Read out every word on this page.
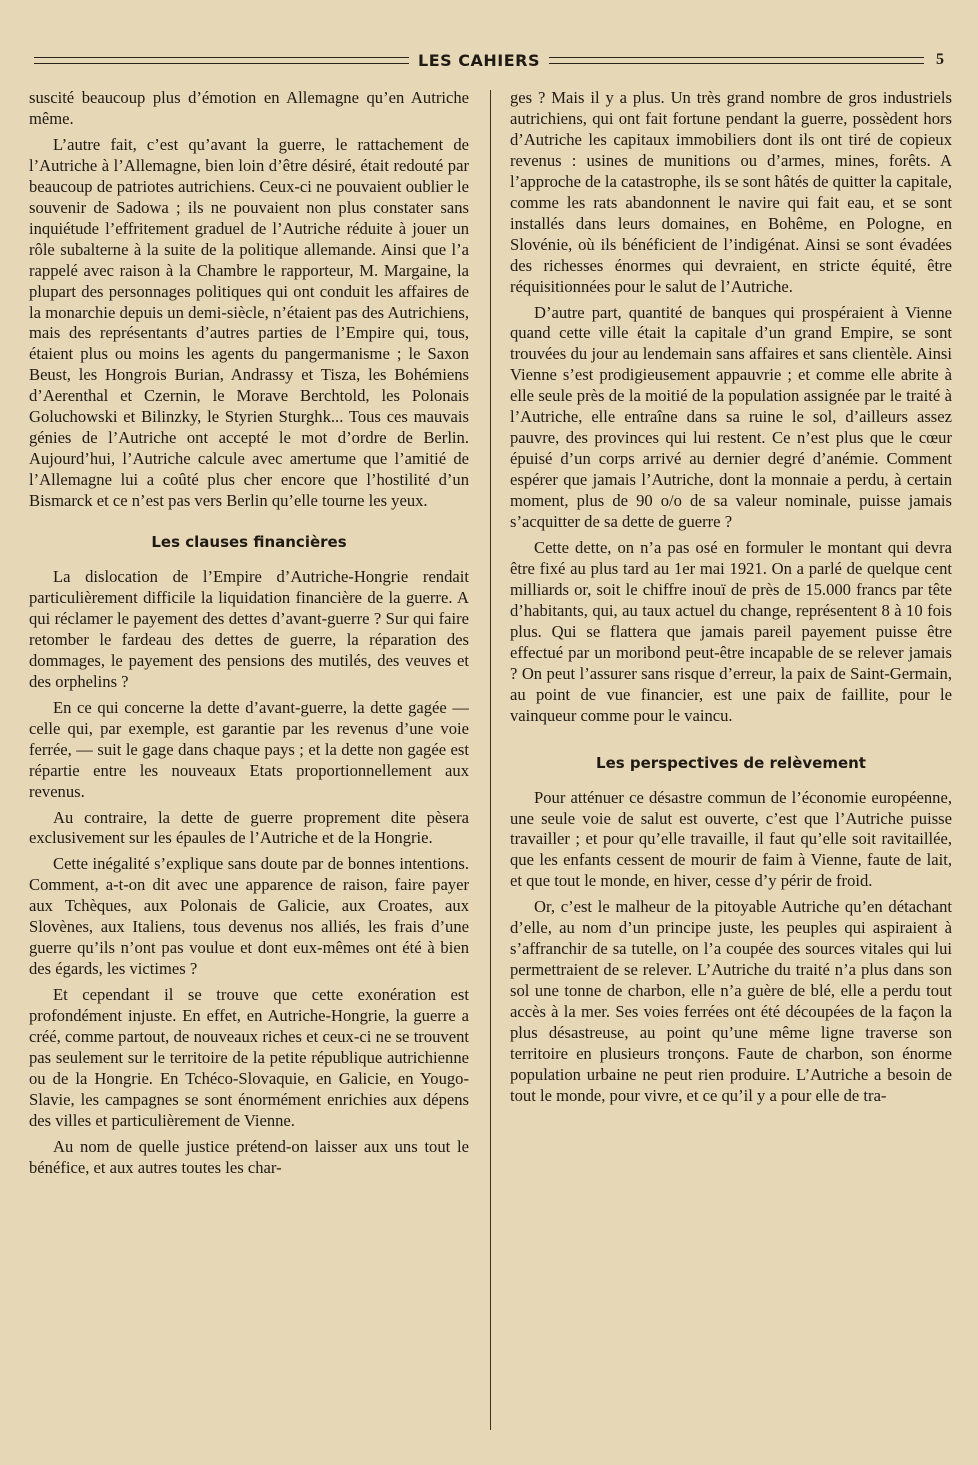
LES CAHIERS	5

suscité beaucoup plus d’émotion en Allemagne qu’en Autriche même.

L’autre fait, c’est qu’avant la guerre, le rattachement de l’Autriche à l’Allemagne, bien loin d’être désiré, était redouté par beaucoup de patriotes autrichiens. Ceux-ci ne pouvaient oublier le souvenir de Sadowa ; ils ne pouvaient non plus constater sans inquiétude l’effritement graduel de l’Autriche réduite à jouer un rôle subalterne à la suite de la politique allemande. Ainsi que l’a rappelé avec raison à la Chambre le rapporteur, M. Margaine, la plupart des personnages politiques qui ont conduit les affaires de la monarchie depuis un demi-siècle, n’étaient pas des Autrichiens, mais des représentants d’autres parties de l’Empire qui, tous, étaient plus ou moins les agents du pangermanisme ; le Saxon Beust, les Hongrois Burian, Andrassy et Tisza, les Bohémiens d’Aerenthal et Czernin, le Morave Berchtold, les Polonais Goluchowski et Bilinzky, le Styrien Sturghk... Tous ces mauvais génies de l’Autriche ont accepté le mot d’ordre de Berlin. Aujourd’hui, l’Autriche calcule avec amertume que l’amitié de l’Allemagne lui a coûté plus cher encore que l’hostilité d’un Bismarck et ce n’est pas vers Berlin qu’elle tourne les yeux.

Les clauses financières

La dislocation de l’Empire d’Autriche-Hongrie rendait particulièrement difficile la liquidation financière de la guerre. A qui réclamer le payement des dettes d’avant-guerre ? Sur qui faire retomber le fardeau des dettes de guerre, la réparation des dommages, le payement des pensions des mutilés, des veuves et des orphelins ?

En ce qui concerne la dette d’avant-guerre, la dette gagée — celle qui, par exemple, est garantie par les revenus d’une voie ferrée, — suit le gage dans chaque pays ; et la dette non gagée est répartie entre les nouveaux Etats proportionnellement aux revenus.

Au contraire, la dette de guerre proprement dite pèsera exclusivement sur les épaules de l’Autriche et de la Hongrie.

Cette inégalité s’explique sans doute par de bonnes intentions. Comment, a-t-on dit avec une apparence de raison, faire payer aux Tchèques, aux Polonais de Galicie, aux Croates, aux Slovènes, aux Italiens, tous devenus nos alliés, les frais d’une guerre qu’ils n’ont pas voulue et dont eux-mêmes ont été à bien des égards, les victimes ?

Et cependant il se trouve que cette exonération est profondément injuste. En effet, en Autriche-Hongrie, la guerre a créé, comme partout, de nouveaux riches et ceux-ci ne se trouvent pas seulement sur le territoire de la petite république autrichienne ou de la Hongrie. En Tchéco-Slovaquie, en Galicie, en Yougo-Slavie, les campagnes se sont énormément enrichies aux dépens des villes et particulièrement de Vienne.

Au nom de quelle justice prétend-on laisser aux uns tout le bénéfice, et aux autres toutes les char-

ges ? Mais il y a plus. Un très grand nombre de gros industriels autrichiens, qui ont fait fortune pendant la guerre, possèdent hors d’Autriche les capitaux immobiliers dont ils ont tiré de copieux revenus : usines de munitions ou d’armes, mines, forêts. A l’approche de la catastrophe, ils se sont hâtés de quitter la capitale, comme les rats abandonnent le navire qui fait eau, et se sont installés dans leurs domaines, en Bohême, en Pologne, en Slovénie, où ils bénéficient de l’indigénat. Ainsi se sont évadées des richesses énormes qui devraient, en stricte équité, être réquisitionnées pour le salut de l’Autriche.

D’autre part, quantité de banques qui prospéraient à Vienne quand cette ville était la capitale d’un grand Empire, se sont trouvées du jour au lendemain sans affaires et sans clientèle. Ainsi Vienne s’est prodigieusement appauvrie ; et comme elle abrite à elle seule près de la moitié de la population assignée par le traité à l’Autriche, elle entraîne dans sa ruine le sol, d’ailleurs assez pauvre, des provinces qui lui restent. Ce n’est plus que le cœur épuisé d’un corps arrivé au dernier degré d’anémie. Comment espérer que jamais l’Autriche, dont la monnaie a perdu, à certain moment, plus de 90 o/o de sa valeur nominale, puisse jamais s’acquitter de sa dette de guerre ?

Cette dette, on n’a pas osé en formuler le montant qui devra être fixé au plus tard au 1er mai 1921. On a parlé de quelque cent milliards or, soit le chiffre inouï de près de 15.000 francs par tête d’habitants, qui, au taux actuel du change, représentent 8 à 10 fois plus. Qui se flattera que jamais pareil payement puisse être effectué par un moribond peut-être incapable de se relever jamais ? On peut l’assurer sans risque d’erreur, la paix de Saint-Germain, au point de vue financier, est une paix de faillite, pour le vainqueur comme pour le vaincu.

Les perspectives de relèvement

Pour atténuer ce désastre commun de l’économie européenne, une seule voie de salut est ouverte, c’est que l’Autriche puisse travailler ; et pour qu’elle travaille, il faut qu’elle soit ravitaillée, que les enfants cessent de mourir de faim à Vienne, faute de lait, et que tout le monde, en hiver, cesse d’y périr de froid.

Or, c’est le malheur de la pitoyable Autriche qu’en détachant d’elle, au nom d’un principe juste, les peuples qui aspiraient à s’affranchir de sa tutelle, on l’a coupée des sources vitales qui lui permettraient de se relever. L’Autriche du traité n’a plus dans son sol une tonne de charbon, elle n’a guère de blé, elle a perdu tout accès à la mer. Ses voies ferrées ont été découpées de la façon la plus désastreuse, au point qu’une même ligne traverse son territoire en plusieurs tronçons. Faute de charbon, son énorme population urbaine ne peut rien produire. L’Autriche a besoin de tout le monde, pour vivre, et ce qu’il y a pour elle de tra-
